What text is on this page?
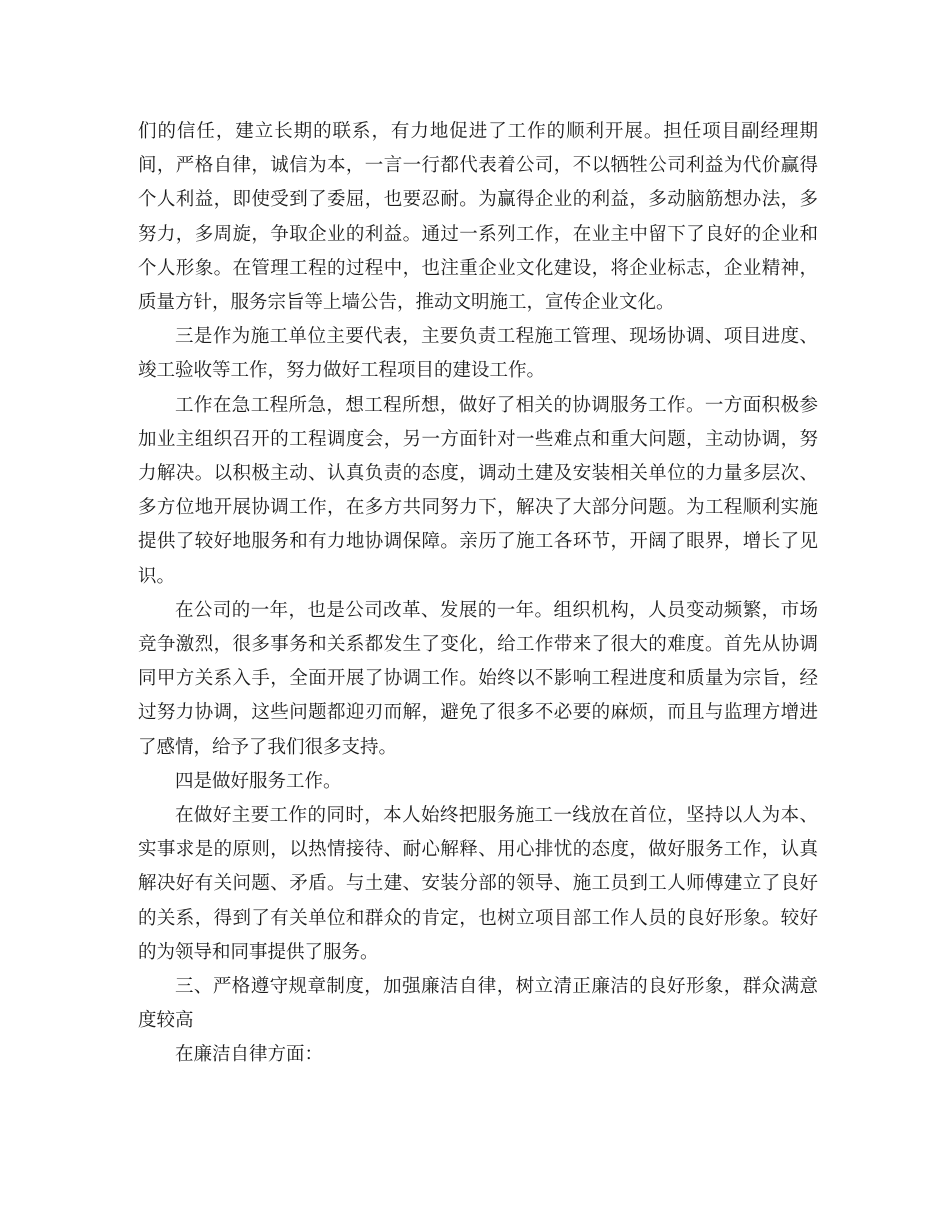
们的信任，建立长期的联系，有力地促进了工作的顺利开展。担任项目副经理期间，严格自律，诚信为本，一言一行都代表着公司，不以牺牲公司利益为代价赢得个人利益，即使受到了委屈，也要忍耐。为赢得企业的利益，多动脑筋想办法，多努力，多周旋，争取企业的利益。通过一系列工作，在业主中留下了良好的企业和个人形象。在管理工程的过程中，也注重企业文化建设，将企业标志，企业精神，质量方针，服务宗旨等上墙公告，推动文明施工，宣传企业文化。

三是作为施工单位主要代表，主要负责工程施工管理、现场协调、项目进度、竣工验收等工作，努力做好工程项目的建设工作。

工作在急工程所急，想工程所想，做好了相关的协调服务工作。一方面积极参加业主组织召开的工程调度会，另一方面针对一些难点和重大问题，主动协调，努力解决。以积极主动、认真负责的态度，调动土建及安装相关单位的力量多层次、多方位地开展协调工作，在多方共同努力下，解决了大部分问题。为工程顺利实施提供了较好地服务和有力地协调保障。亲历了施工各环节，开阔了眼界，增长了见识。

在公司的一年，也是公司改革、发展的一年。组织机构，人员变动频繁，市场竞争激烈，很多事务和关系都发生了变化，给工作带来了很大的难度。首先从协调同甲方关系入手，全面开展了协调工作。始终以不影响工程进度和质量为宗旨，经过努力协调，这些问题都迎刃而解，避免了很多不必要的麻烦，而且与监理方增进了感情，给予了我们很多支持。

四是做好服务工作。

在做好主要工作的同时，本人始终把服务施工一线放在首位，坚持以人为本、实事求是的原则，以热情接待、耐心解释、用心排忧的态度，做好服务工作，认真解决好有关问题、矛盾。与土建、安装分部的领导、施工员到工人师傅建立了良好的关系，得到了有关单位和群众的肯定，也树立项目部工作人员的良好形象。较好的为领导和同事提供了服务。

三、严格遵守规章制度，加强廉洁自律，树立清正廉洁的良好形象，群众满意度较高

在廉洁自律方面：
